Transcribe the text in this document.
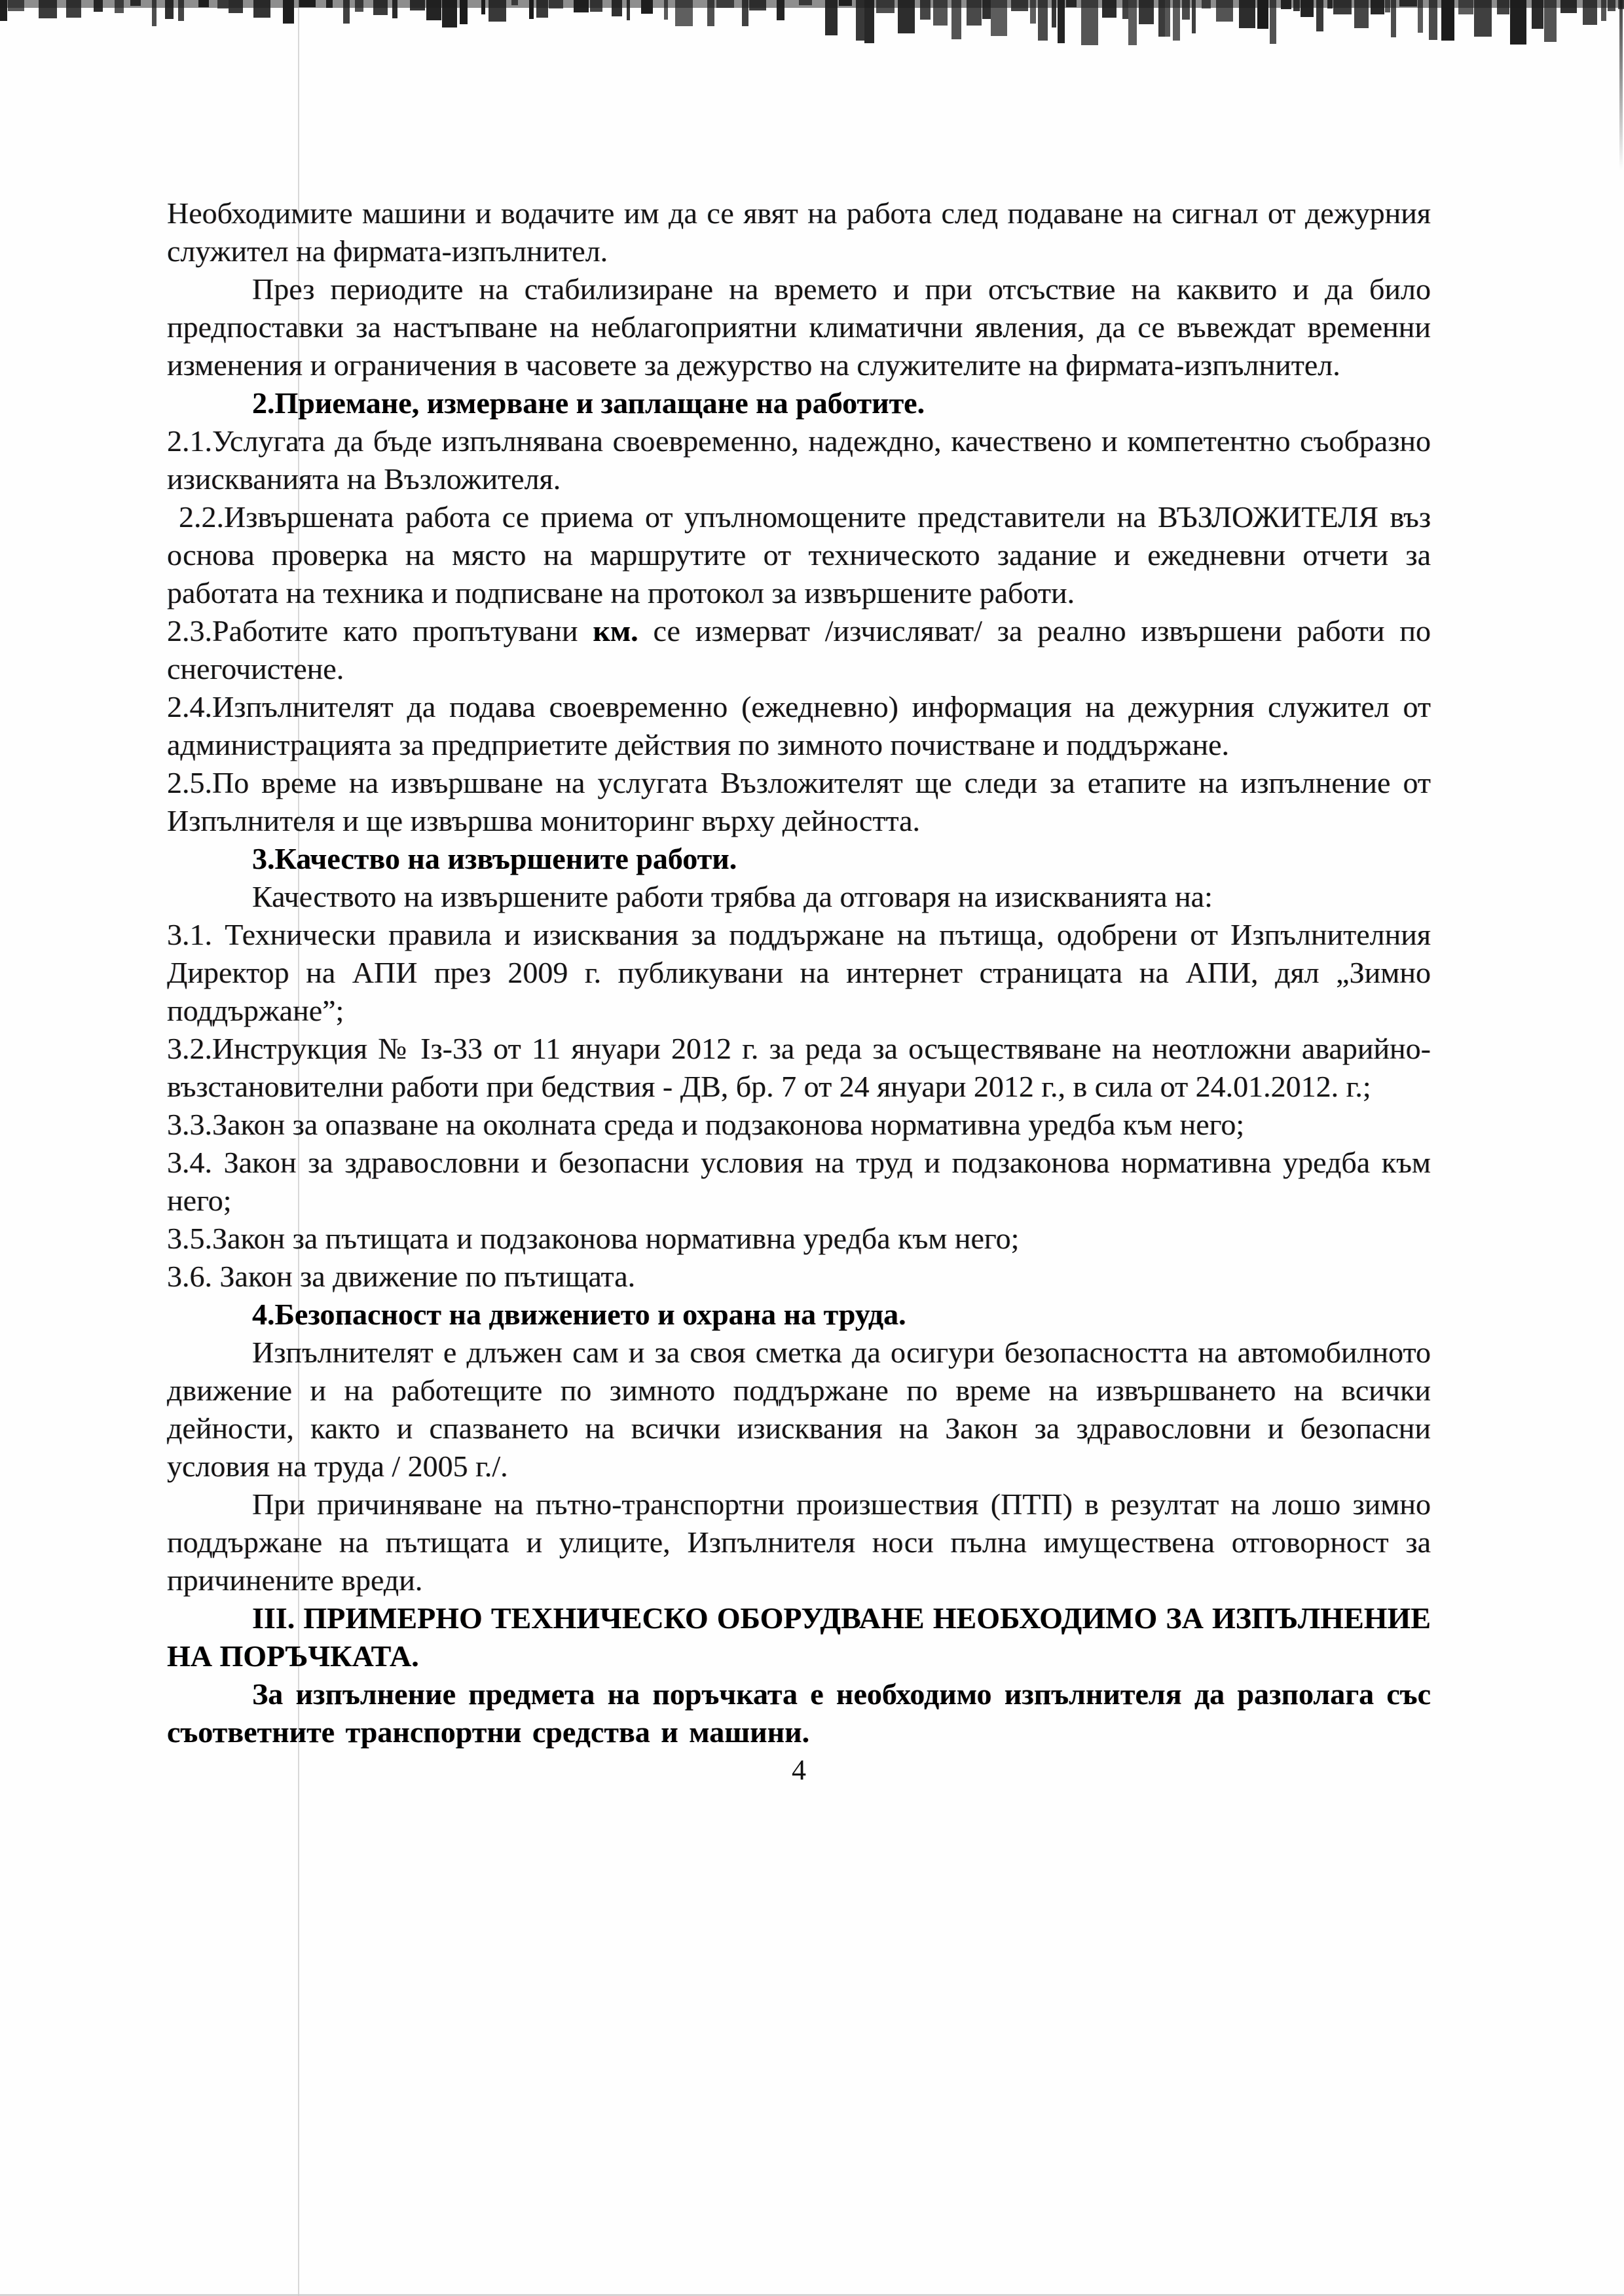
Необходимите машини и водачите им да се явят на работа след подаване на сигнал от дежурния служител на фирмата-изпълнител.

През периодите на стабилизиране на времето и при отсъствие на каквито и да било предпоставки за настъпване на неблагоприятни климатични явления, да се въвеждат временни изменения и ограничения в часовете за дежурство на служителите на фирмата-изпълнител.

2.Приемане, измерване и заплащане на работите.

2.1.Услугата да бъде изпълнявана своевременно, надеждно, качествено и компетентно съобразно изискванията на Възложителя.

2.2.Извършената работа се приема от упълномощените представители на ВЪЗЛОЖИТЕЛЯ въз основа проверка на място на маршрутите от техническото задание и ежедневни отчети за работата на техника и подписване на протокол за извършените работи.

2.3.Работите като пропътувани км. се измерват /изчисляват/ за реално извършени работи по снегочистене.

2.4.Изпълнителят да подава своевременно (ежедневно) информация на дежурния служител от администрацията за предприетите действия по зимното почистване и поддържане.

2.5.По време на извършване на услугата Възложителят ще следи за етапите на изпълнение от Изпълнителя и ще извършва мониторинг върху дейността.

3.Качество на извършените работи.

Качеството на извършените работи трябва да отговаря на изискванията на:

3.1. Технически правила и изисквания за поддържане на пътища, одобрени от Изпълнителния Директор на АПИ през 2009 г. публикувани на интернет страницата на АПИ, дял „Зимно поддържане”;

3.2.Инструкция № Iз-33 от 11 януари 2012 г. за реда за осъществяване на неотложни аварийно-възстановителни работи при бедствия - ДВ, бр. 7 от 24 януари 2012 г., в сила от 24.01.2012. г.;

3.3.Закон за опазване на околната среда и подзаконова нормативна уредба към него;

3.4. Закон за здравословни и безопасни условия на труд и подзаконова нормативна уредба към него;

3.5.Закон за пътищата и подзаконова нормативна уредба към него;

3.6. Закон за движение по пътищата.

4.Безопасност на движението и охрана на труда.

Изпълнителят е длъжен сам и за своя сметка да осигури безопасността на автомобилното движение и на работещите по зимното поддържане по време на извършването на всички дейности, както и спазването на всички изисквания на Закон за здравословни и безопасни условия на труда / 2005 г./.

При причиняване на пътно-транспортни произшествия (ПТП) в резултат на лошо зимно поддържане на пътищата и улиците, Изпълнителя носи пълна имуществена отговорност за причинените вреди.

III. ПРИМЕРНО ТЕХНИЧЕСКО ОБОРУДВАНЕ НЕОБХОДИМО ЗА ИЗПЪЛНЕНИЕ НА ПОРЪЧКАТА.

За изпълнение предмета на поръчката е необходимо изпълнителя да разполага със съответните транспортни средства и машини.

4
